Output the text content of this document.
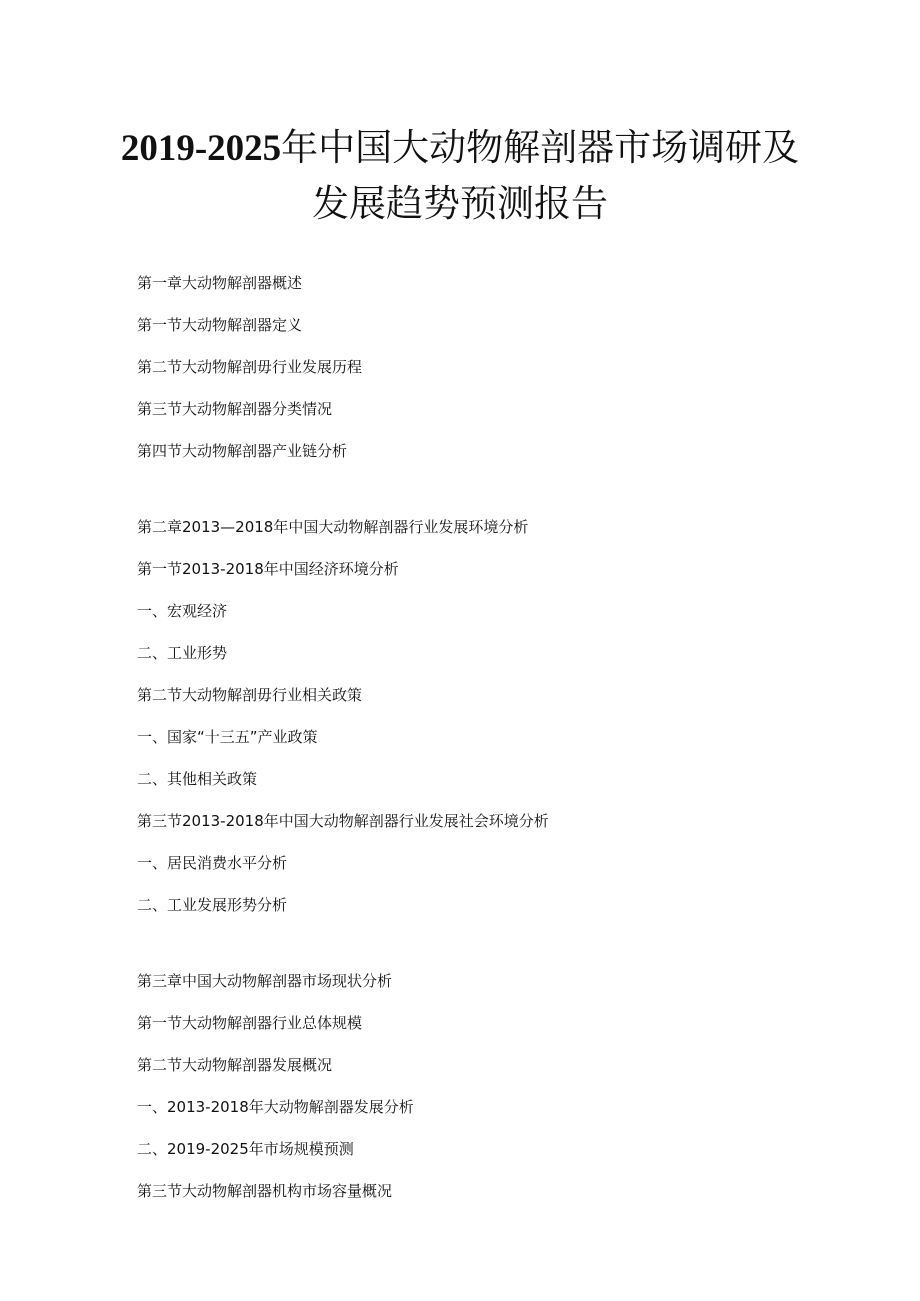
2019-2025年中国大动物解剖器市场调研及
发展趋势预测报告
第一章大动物解剖器概述
第一节大动物解剖器定义
第二节大动物解剖毋行业发展历程
第三节大动物解剖器分类情况
第四节大动物解剖器产业链分析
第二章2013—2018年中国大动物解剖器行业发展环境分析
第一节2013-2018年中国经济环境分析
一、宏观经济
二、工业形势
第二节大动物解剖毋行业相关政策
一、国家“十三五”产业政策
二、其他相关政策
第三节2013-2018年中国大动物解剖器行业发展社会环境分析
一、居民消费水平分析
二、工业发展形势分析
第三章中国大动物解剖器市场现状分析
第一节大动物解剖器行业总体规模
第二节大动物解剖器发展概况
一、2013-2018年大动物解剖器发展分析
二、2019-2025年市场规模预测
第三节大动物解剖器机构市场容量概况
